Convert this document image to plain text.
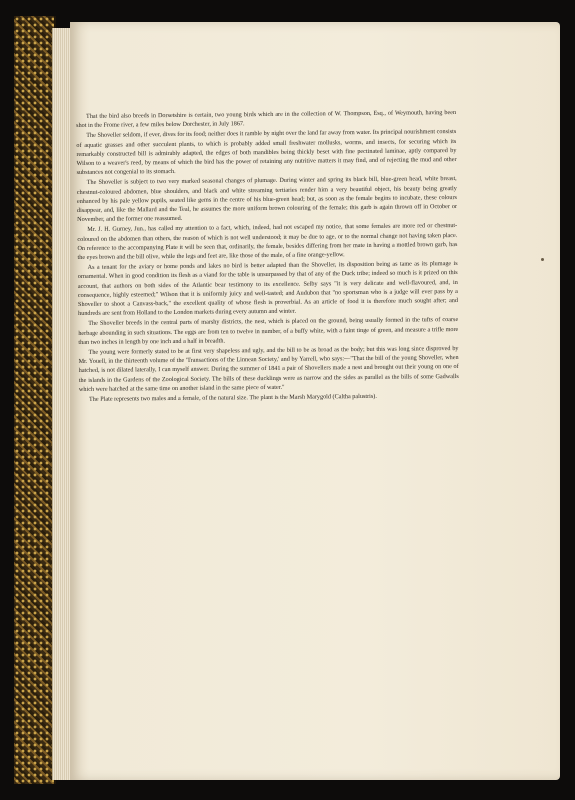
That the bird also breeds in Dorsetshire is certain, two young birds which are in the collection of W. Thompson, Esq., of Weymouth, having been shot in the Frome river, a few miles below Dorchester, in July 1867.

The Shoveller seldom, if ever, dives for its food; neither does it ramble by night over the land far away from water. Its principal nourishment consists of aquatic grasses and other succulent plants, to which is probably added small freshwater mollusks, worms, and insects, for securing which its remarkably constructed bill is admirably adapted, the edges of both mandibles being thickly beset with fine pectinated laminae, aptly compared by Wilson to a weaver's reed, by means of which the bird has the power of retaining any nutritive matters it may find, and of rejecting the mud and other substances not congenial to its stomach.

The Shoveller is subject to two very marked seasonal changes of plumage. During winter and spring its black bill, blue-green head, white breast, chestnut-coloured abdomen, blue shoulders, and black and white streaming tertiaries render him a very beautiful object, his beauty being greatly enhanced by his pale yellow pupils, seated like gems in the centre of his blue-green head; but, as soon as the female begins to incubate, these colours disappear, and, like the Mallard and the Teal, he assumes the more uniform brown colouring of the female; this garb is again thrown off in October or November, and the former one reassumed.

Mr. J. H. Gurney, Jun., has called my attention to a fact, which, indeed, had not escaped my notice, that some females are more red or chestnut-coloured on the abdomen than others, the reason of which is not well understood; it may be due to age, or to the normal change not having taken place. On reference to the accompanying Plate it will be seen that, ordinarily, the female, besides differing from her mate in having a mottled brown garb, has the eyes brown and the bill olive, while the legs and feet are, like those of the male, of a fine orange-yellow.

As a tenant for the aviary or home ponds and lakes no bird is better adapted than the Shoveller, its disposition being as tame as its plumage is ornamental. When in good condition its flesh as a viand for the table is unsurpassed by that of any of the Duck tribe; indeed so much is it prized on this account, that authors on both sides of the Atlantic bear testimony to its excellence. Selby says "it is very delicate and well-flavoured, and, in consequence, highly esteemed;" Wilson that it is uniformly juicy and well-tasted; and Audubon that "no sportsman who is a judge will ever pass by a Shoveller to shoot a Canvass-back," the excellent quality of whose flesh is proverbial. As an article of food it is therefore much sought after; and hundreds are sent from Holland to the London markets during every autumn and winter.

The Shoveller breeds in the central parts of marshy districts, the nest, which is placed on the ground, being usually formed in the tufts of coarse herbage abounding in such situations. The eggs are from ten to twelve in number, of a buffy white, with a faint tinge of green, and measure a trifle more than two inches in length by one inch and a half in breadth.

The young were formerly stated to be at first very shapeless and ugly, and the bill to be as broad as the body; but this was long since disproved by Mr. Youell, in the thirteenth volume of the 'Transactions of the Linnean Society,' and by Yarrell, who says:—"That the bill of the young Shoveller, when hatched, is not dilated laterally, I can myself answer. During the summer of 1841 a pair of Shovellers made a nest and brought out their young on one of the islands in the Gardens of the Zoological Society. The bills of these ducklings were as narrow and the sides as parallel as the bills of some Gadwalls which were hatched at the same time on another island in the same piece of water."

The Plate represents two males and a female, of the natural size. The plant is the Marsh Marygold (Caltha palustris).
